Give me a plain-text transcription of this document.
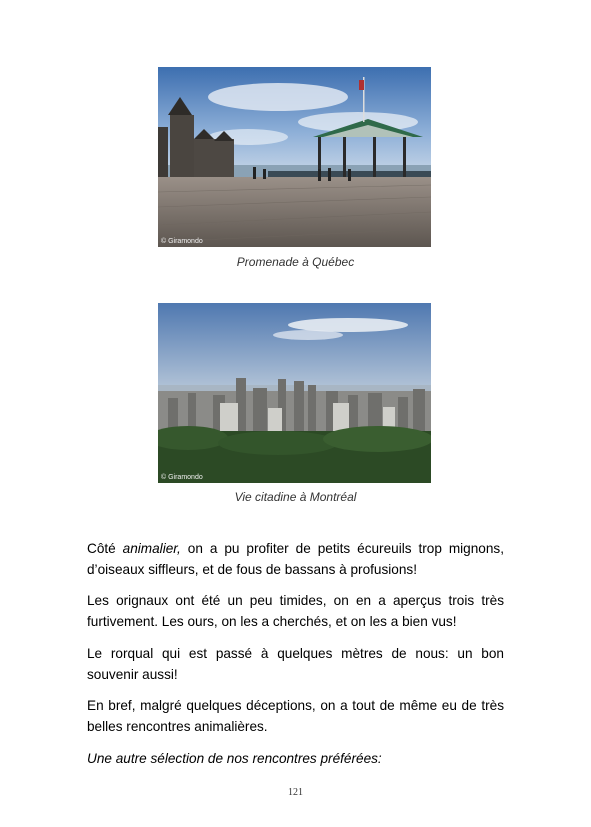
© Giramondo
Promenade à Québec
© Giramondo
Vie citadine à Montréal

Côté animalier, on a pu profiter de petits écureuils trop mignons, d’oiseaux siffleurs, et de fous de bassans à profusions!

Les orignaux ont été un peu timides, on en a aperçus trois très furtivement. Les ours, on les a cherchés, et on les a bien vus!

Le rorqual qui est passé à quelques mètres de nous: un bon souvenir aussi!

En bref, malgré quelques déceptions, on a tout de même eu de très belles rencontres animalières.

Une autre sélection de nos rencontres préférées:

121
